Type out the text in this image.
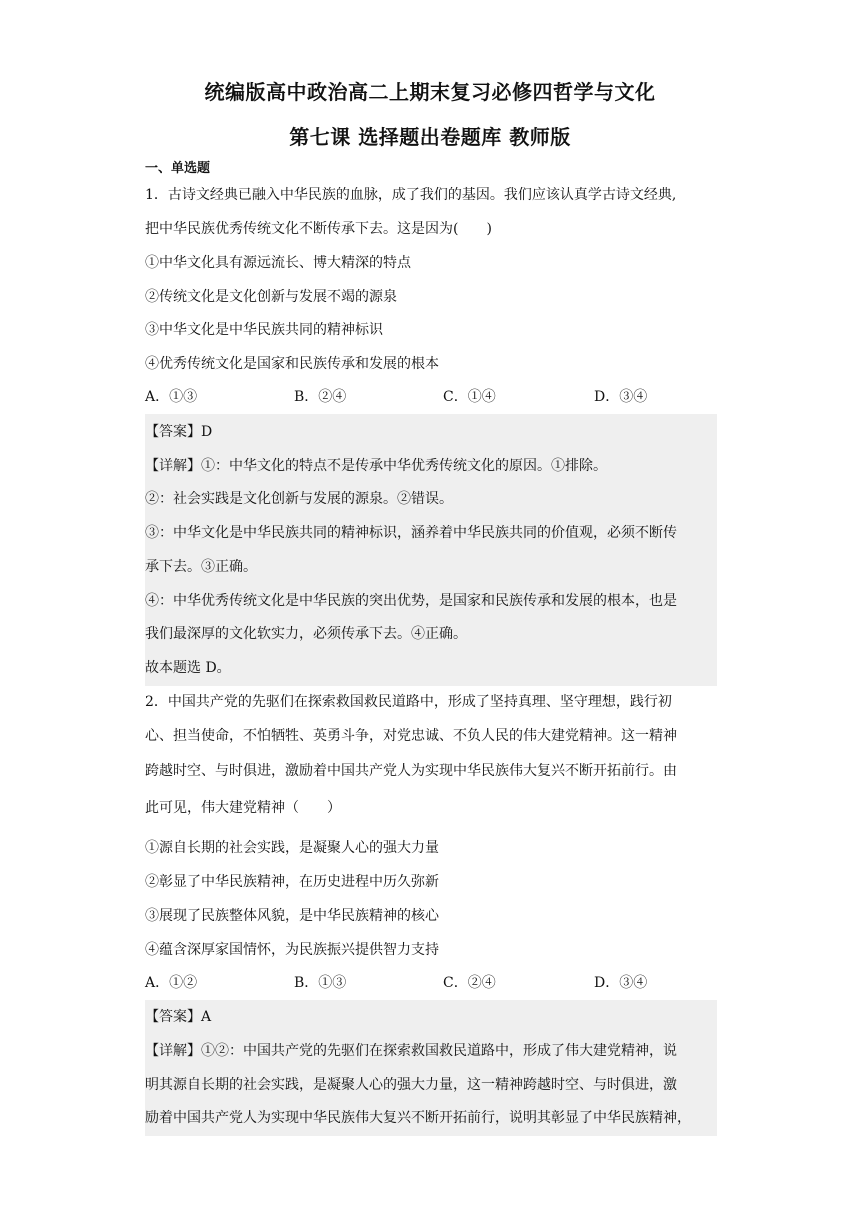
统编版高中政治高二上期末复习必修四哲学与文化
第七课 选择题出卷题库 教师版
一、单选题
1．古诗文经典已融入中华民族的血脉，成了我们的基因。我们应该认真学古诗文经典,
把中华民族优秀传统文化不断传承下去。这是因为(　　)
①中华文化具有源远流长、博大精深的特点
②传统文化是文化创新与发展不竭的源泉
③中华文化是中华民族共同的精神标识
④优秀传统文化是国家和民族传承和发展的根本
A．①③	B．②④	C．①④	D．③④
【答案】D
【详解】①：中华文化的特点不是传承中华优秀传统文化的原因。①排除。
②：社会实践是文化创新与发展的源泉。②错误。
③：中华文化是中华民族共同的精神标识，涵养着中华民族共同的价值观，必须不断传
承下去。③正确。
④：中华优秀传统文化是中华民族的突出优势，是国家和民族传承和发展的根本，也是
我们最深厚的文化软实力，必须传承下去。④正确。
故本题选 D。
2．中国共产党的先驱们在探索救国救民道路中，形成了坚持真理、坚守理想，践行初
心、担当使命，不怕牺牲、英勇斗争，对党忠诚、不负人民的伟大建党精神。这一精神
跨越时空、与时俱进，激励着中国共产党人为实现中华民族伟大复兴不断开拓前行。由
此可见，伟大建党精神（　　）
①源自长期的社会实践，是凝聚人心的强大力量
②彰显了中华民族精神，在历史进程中历久弥新
③展现了民族整体风貌，是中华民族精神的核心
④蕴含深厚家国情怀，为民族振兴提供智力支持
A．①②	B．①③	C．②④	D．③④
【答案】A
【详解】①②：中国共产党的先驱们在探索救国救民道路中，形成了伟大建党精神，说
明其源自长期的社会实践，是凝聚人心的强大力量，这一精神跨越时空、与时俱进，激
励着中国共产党人为实现中华民族伟大复兴不断开拓前行，说明其彰显了中华民族精神，
